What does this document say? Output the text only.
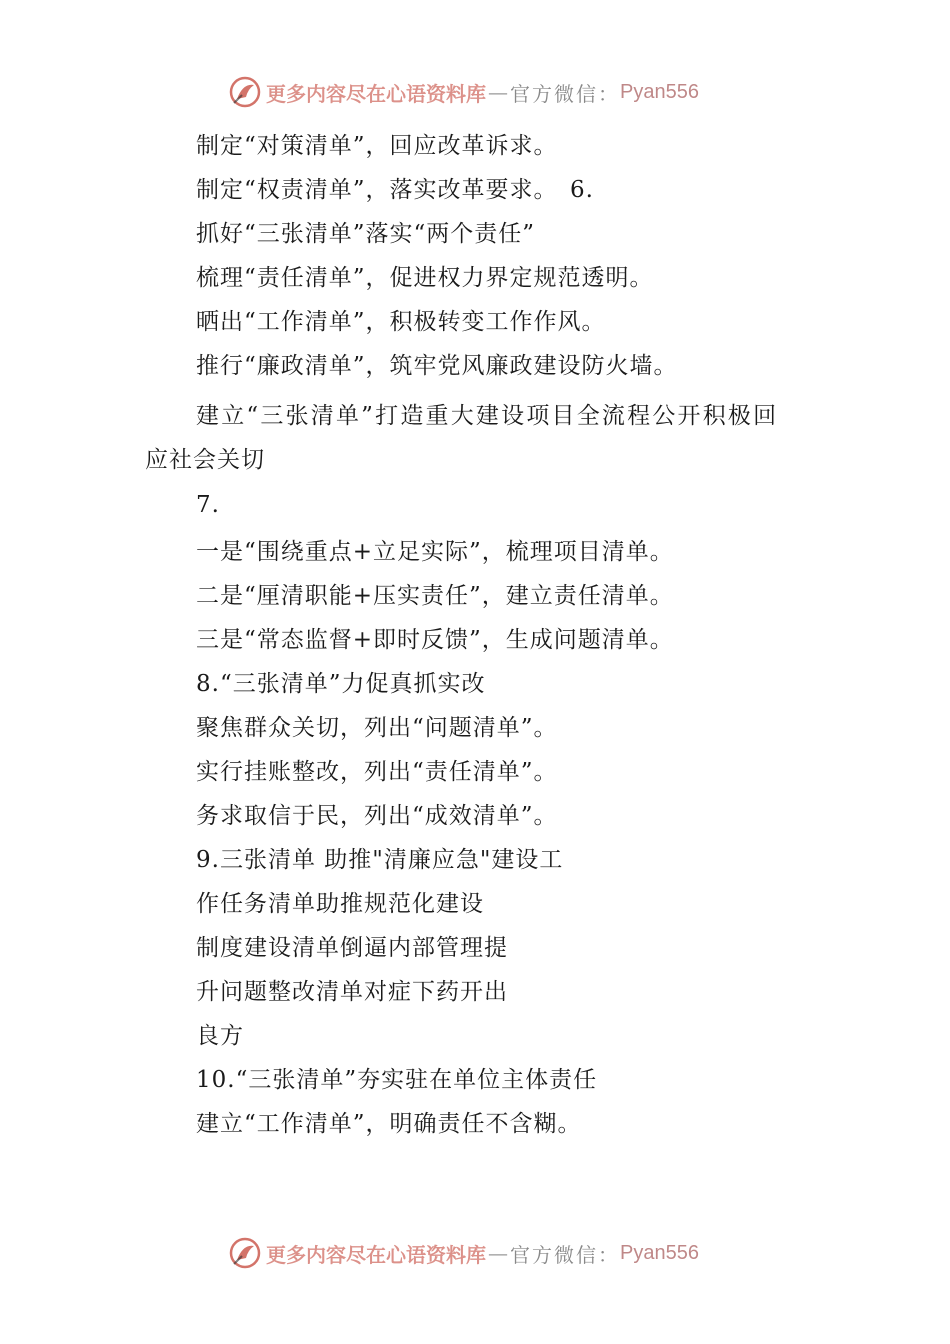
更多内容尽在心语资料库 — 官方微信： Pyan556
制定“对策清单”，回应改革诉求。
制定“权责清单”，落实改革要求。　6.
抓好“三张清单”落实“两个责任”
梳理“责任清单”，促进权力界定规范透明。
晒出“工作清单”，积极转变工作作风。
推行“廉政清单”，筑牢党风廉政建设防火墙。
建立“三张清单”打造重大建设项目全流程公开积极回
应社会关切
7.
一是“围绕重点+立足实际”，梳理项目清单。
二是“厘清职能+压实责任”，建立责任清单。
三是“常态监督+即时反馈”，生成问题清单。
8.“三张清单”力促真抓实改
聚焦群众关切，列出“问题清单”。
实行挂账整改，列出“责任清单”。
务求取信于民，列出“成效清单”。
9.三张清单 助推"清廉应急"建设工
作任务清单助推规范化建设
制度建设清单倒逼内部管理提
升问题整改清单对症下药开出
良方
10.“三张清单”夯实驻在单位主体责任
建立“工作清单”，明确责任不含糊。
更多内容尽在心语资料库 — 官方微信： Pyan556
